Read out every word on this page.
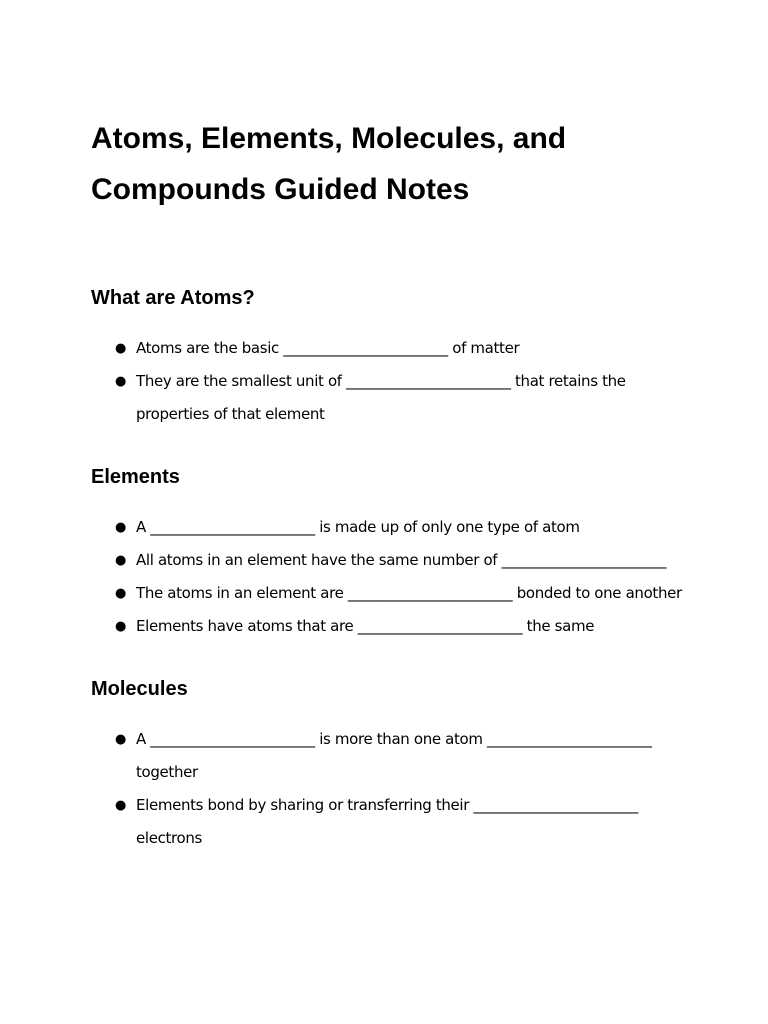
Atoms, Elements, Molecules, and Compounds Guided Notes
What are Atoms?
● Atoms are the basic _______________________ of matter
● They are the smallest unit of _______________________ that retains the properties of that element
Elements
● A _______________________ is made up of only one type of atom
● All atoms in an element have the same number of _______________________
● The atoms in an element are _______________________ bonded to one another
● Elements have atoms that are _______________________ the same
Molecules
● A _______________________ is more than one atom _______________________ together
● Elements bond by sharing or transferring their _______________________ electrons
